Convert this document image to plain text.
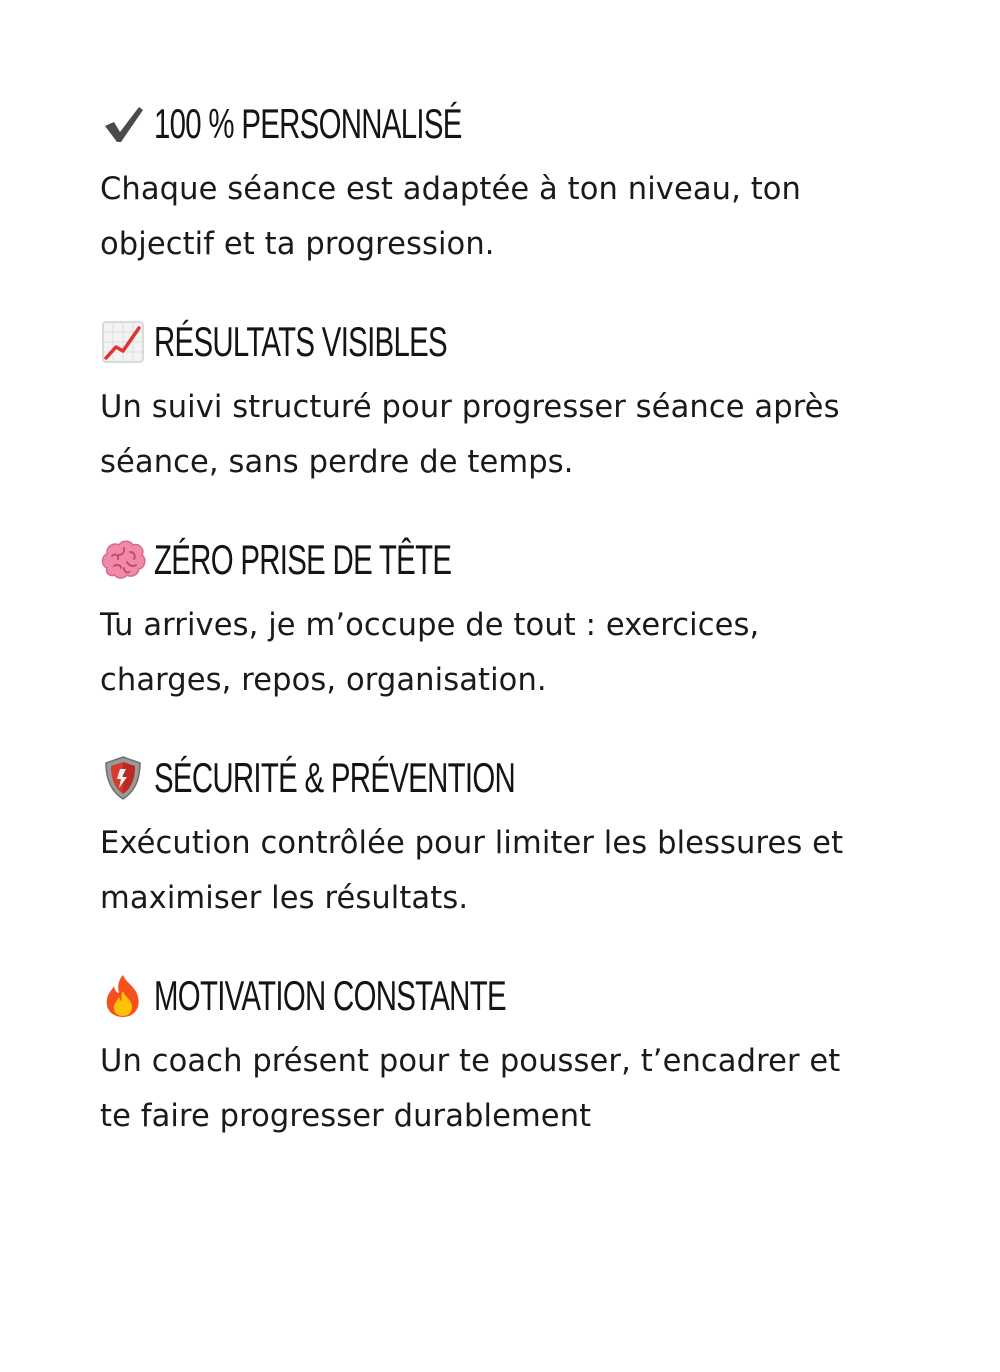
100 % PERSONNALISÉ

Chaque séance est adaptée à ton niveau, ton
objectif et ta progression.

RÉSULTATS VISIBLES

Un suivi structuré pour progresser séance après
séance, sans perdre de temps.

ZÉRO PRISE DE TÊTE

Tu arrives, je m’occupe de tout : exercices,
charges, repos, organisation.

SÉCURITÉ & PRÉVENTION

Exécution contrôlée pour limiter les blessures et
maximiser les résultats.

MOTIVATION CONSTANTE

Un coach présent pour te pousser, t’encadrer et
te faire progresser durablement
